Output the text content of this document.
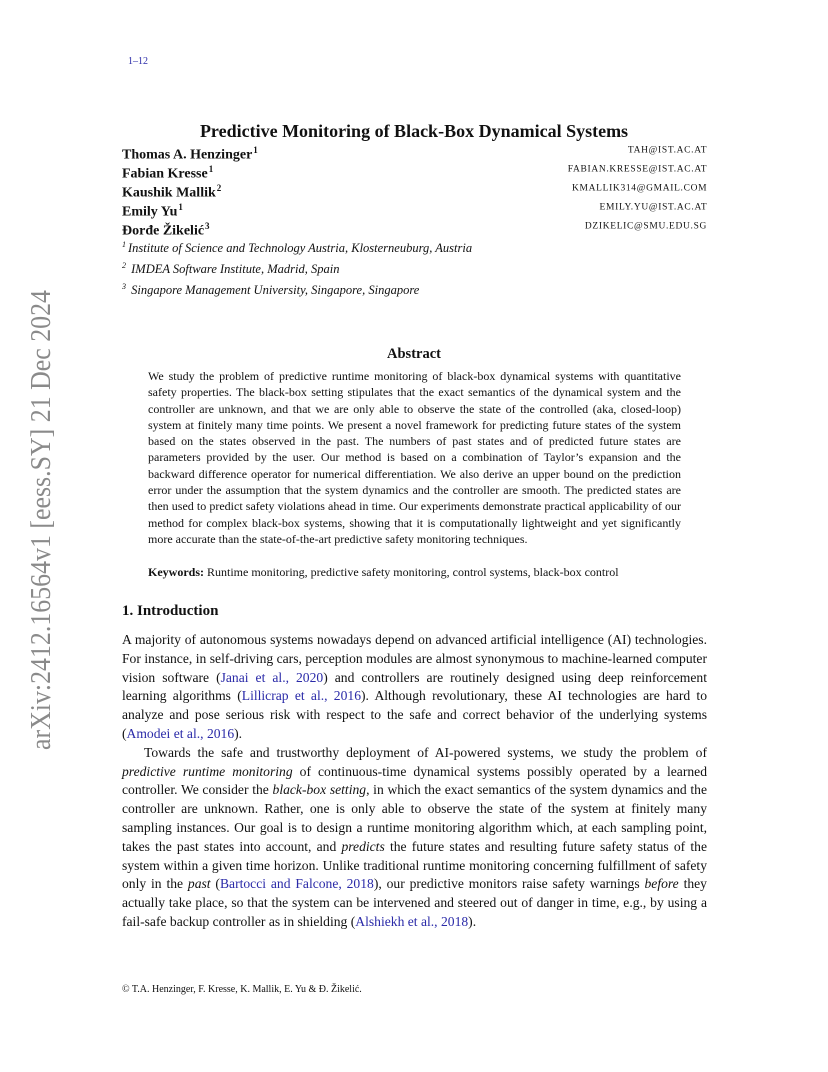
1–12
arXiv:2412.16564v1 [eess.SY] 21 Dec 2024
Predictive Monitoring of Black-Box Dynamical Systems
Thomas A. Henzinger$^1$	TAH@IST.AC.AT
Fabian Kresse$^1$	FABIAN.KRESSE@IST.AC.AT
Kaushik Mallik$^2$	KMALLIK314@GMAIL.COM
Emily Yu$^1$	EMILY.YU@IST.AC.AT
Đorđe Žikelić$^3$	DZIKELIC@SMU.EDU.SG
$^1$ Institute of Science and Technology Austria, Klosterneuburg, Austria
$^2$ IMDEA Software Institute, Madrid, Spain
$^3$ Singapore Management University, Singapore, Singapore
Abstract
We study the problem of predictive runtime monitoring of black-box dynamical systems with quantitative safety properties. The black-box setting stipulates that the exact semantics of the dynamical system and the controller are unknown, and that we are only able to observe the state of the controlled (aka, closed-loop) system at finitely many time points. We present a novel framework for predicting future states of the system based on the states observed in the past. The numbers of past states and of predicted future states are parameters provided by the user. Our method is based on a combination of Taylor’s expansion and the backward difference operator for numerical differentiation. We also derive an upper bound on the prediction error under the assumption that the system dynamics and the controller are smooth. The predicted states are then used to predict safety violations ahead in time. Our experiments demonstrate practical applicability of our method for complex black-box systems, showing that it is computationally lightweight and yet significantly more accurate than the state-of-the-art predictive safety monitoring techniques.
Keywords: Runtime monitoring, predictive safety monitoring, control systems, black-box control
1. Introduction

A majority of autonomous systems nowadays depend on advanced artificial intelligence (AI) technologies. For instance, in self-driving cars, perception modules are almost synonymous to machine-learned computer vision software (Janai et al., 2020) and controllers are routinely designed using deep reinforcement learning algorithms (Lillicrap et al., 2016). Although revolutionary, these AI technologies are hard to analyze and pose serious risk with respect to the safe and correct behavior of the underlying systems (Amodei et al., 2016).

Towards the safe and trustworthy deployment of AI-powered systems, we study the problem of predictive runtime monitoring of continuous-time dynamical systems possibly operated by a learned controller. We consider the black-box setting, in which the exact semantics of the system dynamics and the controller are unknown. Rather, one is only able to observe the state of the system at finitely many sampling instances. Our goal is to design a runtime monitoring algorithm which, at each sampling point, takes the past states into account, and predicts the future states and resulting future safety status of the system within a given time horizon. Unlike traditional runtime monitoring concerning fulfillment of safety only in the past (Bartocci and Falcone, 2018), our predictive monitors raise safety warnings before they actually take place, so that the system can be intervened and steered out of danger in time, e.g., by using a fail-safe backup controller as in shielding (Alshiekh et al., 2018).

© T.A. Henzinger, F. Kresse, K. Mallik, E. Yu & Đ. Žikelić.
